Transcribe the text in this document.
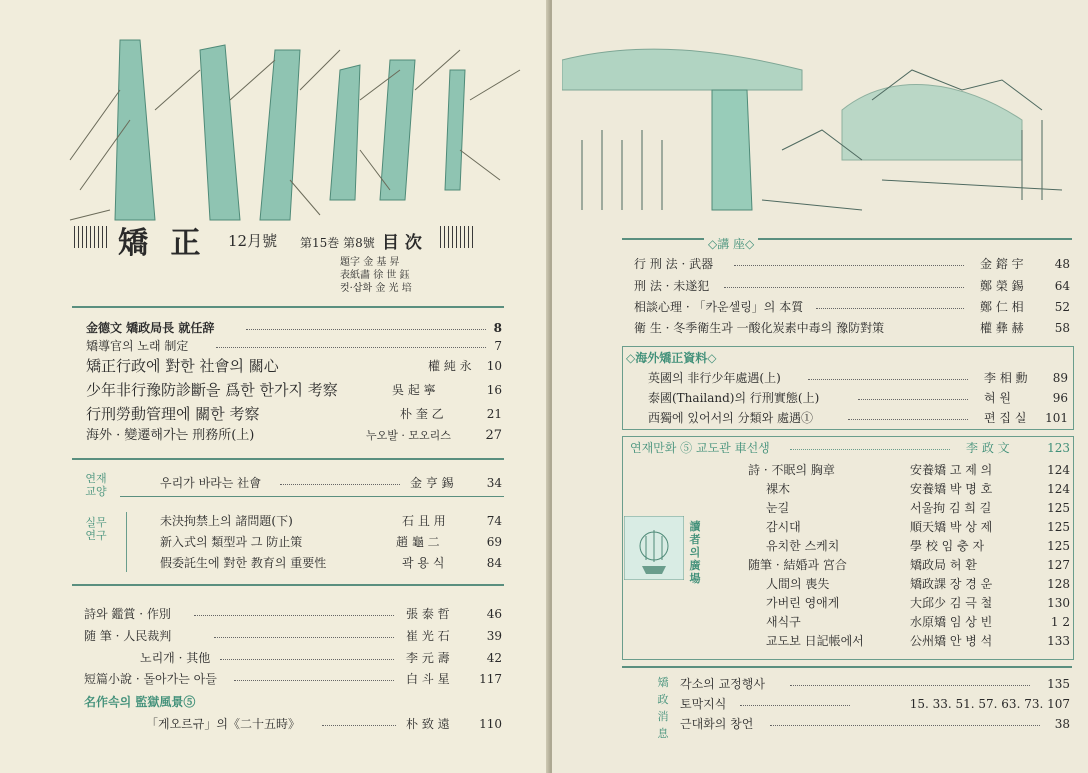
矯 正 12月號 第15巻 第8號 目 次
題字 金 基 昇
表紙畵 徐 世 鈺
컷·삽화 金 光 培
金德文 矯政局長 就任辞	8
矯導官의 노래 制定	7
矯正行政에 對한 社會의 關心	權 純 永 10
少年非行豫防診斷을 爲한 한가지 考察	吳 起 寧	16
行刑勞動管理에 關한 考察	朴 奎 乙	21
海外 · 變遷해가는 刑務所(上)	누오발 · 모오리스	27
연재 교양
우리가 바라는 社會	金 亨 錫	34
실무 연구
未決拘禁上의 諸問題(下)	石 且 用	74
新入式의 類型과 그 防止策	趙 龜 二	69
假委託生에 對한 教育의 重要性	곽 용 식	84
詩와 鑑賞 · 作別	張 泰 哲	46
随 筆 · 人民裁判	崔 光 石	39
노리개 · 其他	李 元 壽	42
短篇小說 · 돌아가는 아들	白 斗 星 117
名作속의 監獄風景⑤
「게오르규」의《二十五時》	朴 致 遠 110
◇講 座◇
行 刑 法 · 武器	金 鎔 宇	48
刑 法 · 未遂犯	鄭 榮 錫	64
相談心理 · 「카운셀링」의 本質	鄭 仁 相	52
衛 生 · 冬季衛生과 一酸化炭素中毒의 豫防對策	權 彝 赫	58
◇海外矯正資料◇
英國의 非行少年處遇(上)	李 相 勳 89
泰國(Thailand)의 行刑實態(上)	혀 원	96
西獨에 있어서의 分類와 處遇①	편 집 실 101
연재만화 ⑤ 교도관 車선생	李 政 文	123
讀者의 廣場
詩 · 不眠의 胸章	安養矯 고 제 의	124
裸木	安養矯 박 명 호	124
눈길	서울拘 김 희 길	125
감시대	順天矯 박 상 제	125
유치한 스케치	學 校 임 충 자	125
随筆 · 結婚과 宮合	矯政局 허 환	127
人間의 喪失	矯政課 장 경 운	128
가버린 영애게	大邱少 김 극 철	130
새식구	水原矯 임 상 빈	1 2
교도보 日記帳에서	公州矯 안 병 석	133
矯
政
消
息
각소의 교정행사	135
토막지식	15. 33. 51. 57. 63. 73. 107
근대화의 창언	38
